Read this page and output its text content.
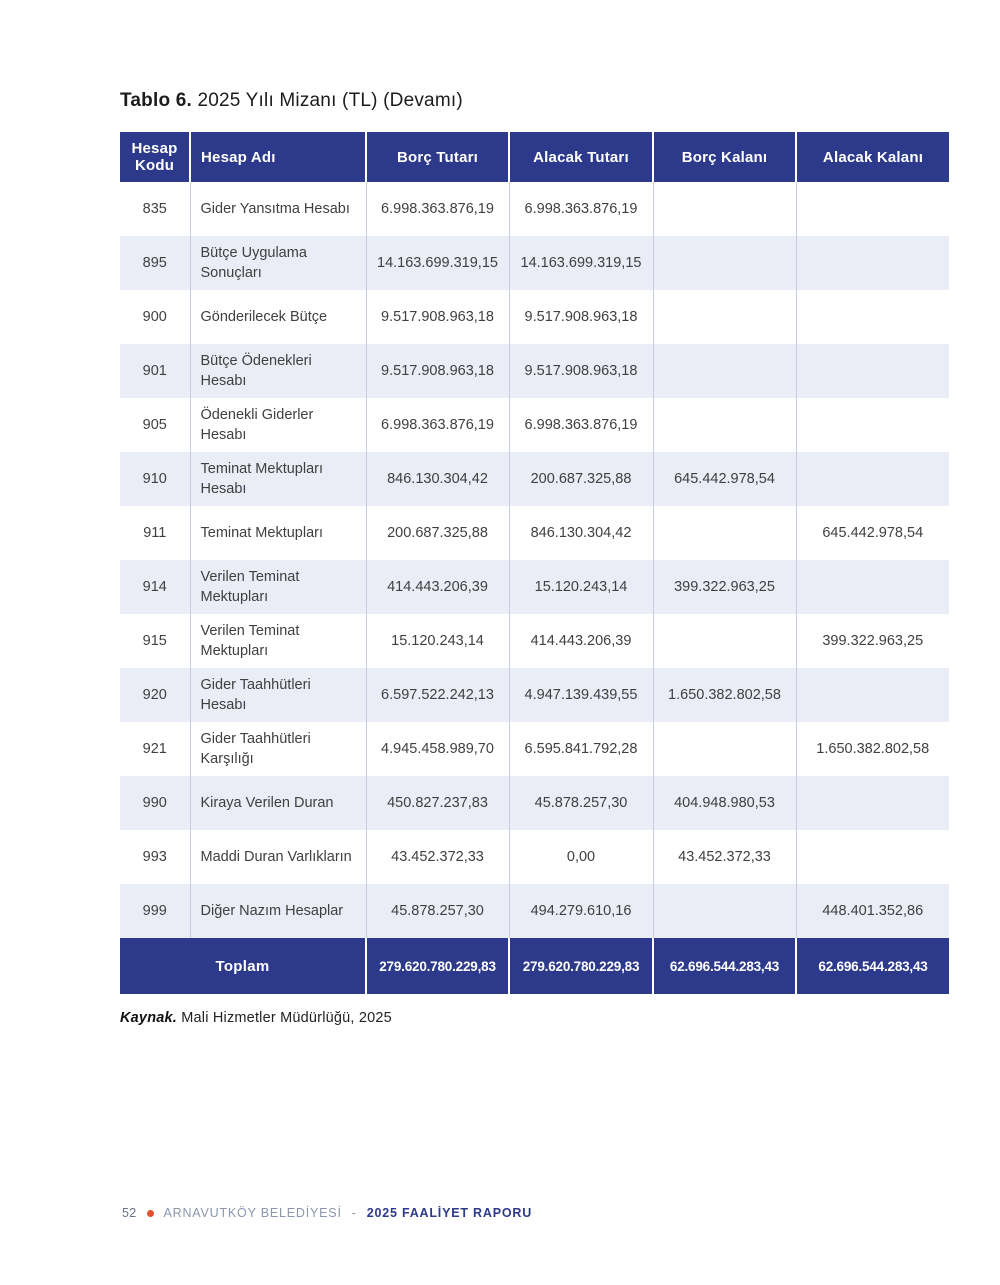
Tablo 6. 2025 Yılı Mizanı (TL) (Devamı)
Hesap Kodu	Hesap Adı	Borç Tutarı	Alacak Tutarı	Borç Kalanı	Alacak Kalanı
835	Gider Yansıtma Hesabı	6.998.363.876,19	6.998.363.876,19		
895	Bütçe Uygulama Sonuçları	14.163.699.319,15	14.163.699.319,15		
900	Gönderilecek Bütçe	9.517.908.963,18	9.517.908.963,18		
901	Bütçe Ödenekleri Hesabı	9.517.908.963,18	9.517.908.963,18		
905	Ödenekli Giderler Hesabı	6.998.363.876,19	6.998.363.876,19		
910	Teminat Mektupları Hesabı	846.130.304,42	200.687.325,88	645.442.978,54	
911	Teminat Mektupları	200.687.325,88	846.130.304,42		645.442.978,54
914	Verilen Teminat Mektupları	414.443.206,39	15.120.243,14	399.322.963,25	
915	Verilen Teminat Mektupları	15.120.243,14	414.443.206,39		399.322.963,25
920	Gider Taahhütleri Hesabı	6.597.522.242,13	4.947.139.439,55	1.650.382.802,58	
921	Gider Taahhütleri Karşılığı	4.945.458.989,70	6.595.841.792,28		1.650.382.802,58
990	Kiraya Verilen Duran	450.827.237,83	45.878.257,30	404.948.980,53	
993	Maddi Duran Varlıkların	43.452.372,33	0,00	43.452.372,33	
999	Diğer Nazım Hesaplar	45.878.257,30	494.279.610,16		448.401.352,86
Toplam		279.620.780.229,83	279.620.780.229,83	62.696.544.283,43	62.696.544.283,43

Kaynak. Mali Hizmetler Müdürlüğü, 2025

52 ARNAVUTKÖY BELEDİYESİ - 2025 FAALİYET RAPORU
